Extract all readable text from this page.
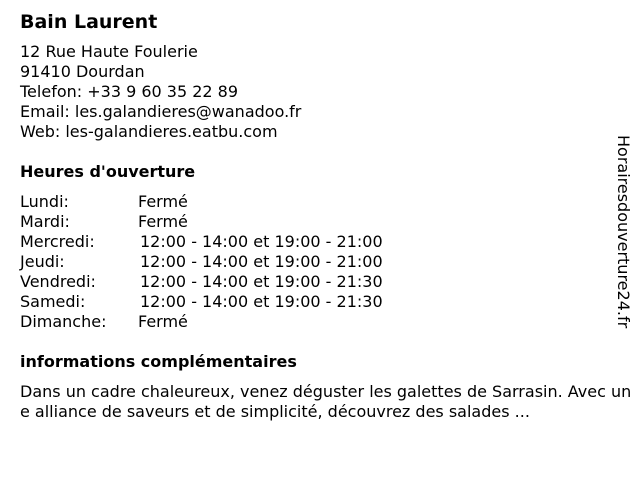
Bain Laurent
12 Rue Haute Foulerie
91410 Dourdan
Telefon: +33 9 60 35 22 89
Email: les.galandieres@wanadoo.fr
Web: les-galandieres.eatbu.com
Heures d'ouverture
Lundi:	Fermé
Mardi:	Fermé
Mercredi:	12:00 - 14:00 et 19:00 - 21:00
Jeudi:	12:00 - 14:00 et 19:00 - 21:00
Vendredi:	12:00 - 14:00 et 19:00 - 21:30
Samedi:	12:00 - 14:00 et 19:00 - 21:30
Dimanche:	Fermé
informations complémentaires
Dans un cadre chaleureux, venez déguster les galettes de Sarrasin. Avec une alliance de saveurs et de simplicité, découvrez des salades ...
Horairesdouverture24.fr
